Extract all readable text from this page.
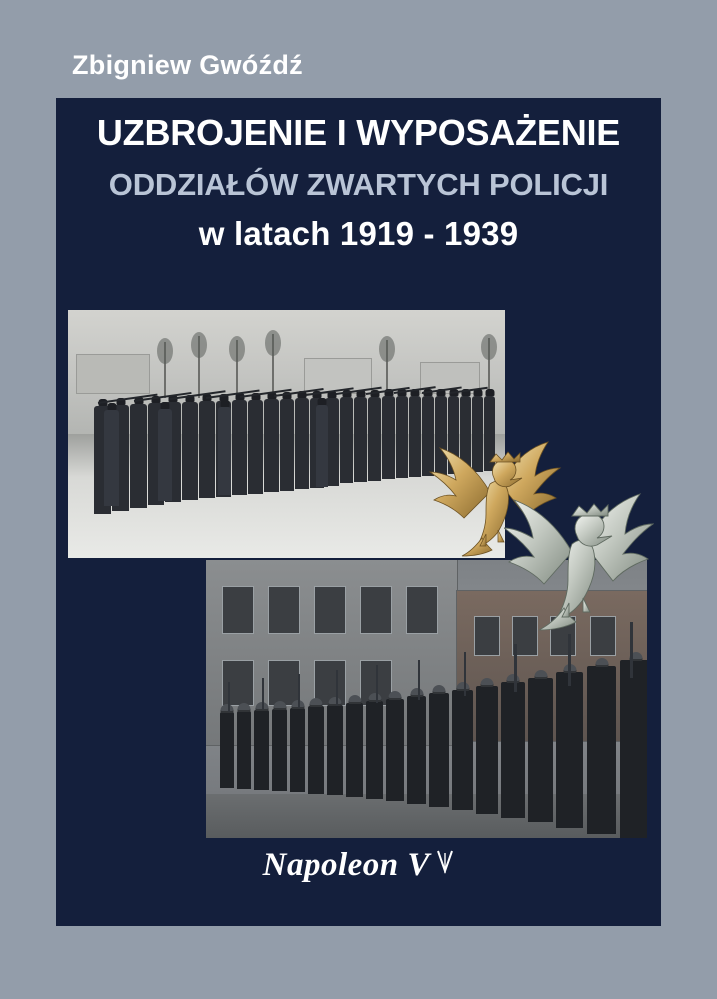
Zbigniew Gwóźdź
UZBROJENIE I WYPOSAŻENIE
ODDZIAŁÓW ZWARTYCH POLICJI
w latach 1919 - 1939
Napoleon V
